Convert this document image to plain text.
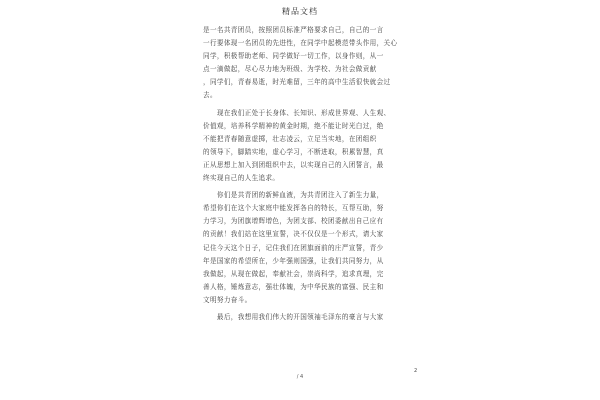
精品文档
是一名共青团员，按照团员标准严格要求自己，自己的一言
一行要体现一名团员的先进性，在同学中起模范带头作用，关心
同学，积极帮助老师、同学做好一切工作，以身作则，从一
点一滴做起，尽心尽力地为班级、为学校、为社会做贡献
，同学们，青春易逝，时光难留，三年的高中生活很快就会过
去。
　　现在我们正处于长身体、长知识、形成世界观、人生观、
价值观，培养科学精神的黄金时期，绝不能让时光白过，绝
不能把青春随意虚掷，壮志凌云，立足当实地，在团组织
的领导下，脚踏实地，虚心学习，不断进取，积累智慧，真
正从思想上加入到团组织中去，以实现自己的入团誓言，最
终实现自己的人生追求。
　　你们是共青团的新鲜血液，为共青团注入了新生力量，
希望你们在这个大家庭中能发挥各自的特长，互帮互助，努
力学习，为团旗增辉增色，为团支部、校团委献出自己应有
的贡献！我们站在这里宣誓，决不仅仅是一个形式，请大家
记住今天这个日子，记住我们在团旗面前的庄严宣誓，青少
年是国家的希望所在，少年强则国强，让我们共同努力，从
我做起，从现在做起，奉献社会，崇尚科学，追求真理，完
善人格，锤炼意志，强壮体魄，为中华民族的富强、民主和
文明努力奋斗。
　　最后，我想用我们伟大的开国领袖毛泽东的豪言与大家
/ 4
2
